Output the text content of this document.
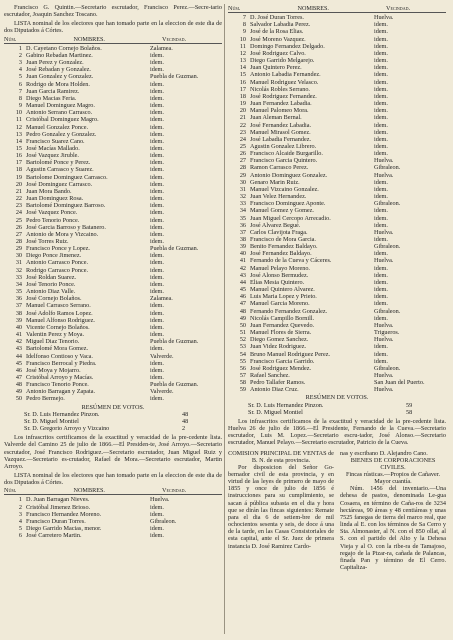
Francisco G. Quintin.—Secretario escrutador, Francisco Perez.—Secre-tario escrutador, Joaquin Sanchez Toscano.

LISTA nominal de los electores que han tomado parte en la eleccion de este dia de dos Diputados á Córtes.

Núm.	NOMBRES.	Vecindad.
1 D. Cayetano Cornejo Bolaños.	Zalamea.
2 Gabino Rebadan Martinez.	idem.
3 Juan Perez y Gonzalez.	idem.
4 José Rebadan y Gonzalez.	idem.
5 Juan Gonzalez y Gonzalez.	Puebla de Guzman.
6 Rodrigo de Mora Holden.	idem.
7 Juan Garcia Ramirez.	idem.
8 Diego Macias Feria.	idem.
9 Manuel Dominguez Magro.	idem.
10 Antonio Serrano Carrasco.	idem.
11 Cristóbal Dominguez Magro.	idem.
12 Manuel Gonzalez Ponce.	idem.
13 Pedro Gonzalez y Gonzalez.	idem.
14 Francisco Suarez Cano.	idem.
15 José Macías Mallado.	idem.
16 José Vazquez Jiruble.	idem.
17 Bartolomé Ponce y Perez.	idem.
18 Agustin Carrasco y Suarez.	idem.
19 Bartolome Dominguez Carrasco.	idem.
20 José Dominguez Carrasco.	idem.
21 Juan Mora Bando.	idem.
22 Juan Dominguez Rosa.	idem.
23 Bartolomé Dominguez Barroso.	idem.
24 José Vazquez Ponce.	idem.
25 Pedro Tenorio Ponce.	idem.
26 José Garcia Barroso y Batanero.	idem.
27 Antonio de Mora y Vizcaino.	idem.
28 José Torres Ruiz.	idem.
29 Francisco Ponce y Lopez.	Puebla de Guzman.
30 Diego Ponce Jimenez.	idem.
31 Antonio Carrasco Ponce.	idem.
32 Rodrigo Carrasco Ponce.	idem.
33 José Roldan Suarez.	idem.
34 José Tenorio Ponce.	idem.
35 Antonio Diaz Valle.	idem.
36 José Cornejo Bolaños.	Zalamea.
37 Manuel Carrasco Serrano.	idem.
38 José Adolfo Ramos Lopez.	idem.
39 Manuel Alfonso Rodriguez.	idem.
40 Vicente Cornejo Bolaños.	idem.
41 Valentin Perez y Moya.	idem.
42 Miguel Diaz Tenorio.	Puebla de Guzman.
43 Bartolomé Mora Gomez.	idem.
44 Idelfonso Contioso y Vaca.	Valverde.
45 Francisco Berrocal y Piedra.	idem.
46 José Moya y Mojarro.	idem.
47 Cristóbal Arroyo y Macías.	idem.
48 Francisco Tenorio Ponce.	Puebla de Guzman.
49 Antonio Barragan y Zapata.	Valverde.
50 Pedro Bermejo.	idem.

RESÚMEN DE VOTOS.

Sr. D. Luis Hernandez Pinzon.	48
Sr. D. Miguel Montiel	48
Sr. D. Gregorio Arroyo y Vizcaino	2

Los infrascritos certificamos de la exactitud y veracidad de la pre-cedente lista. Valverde del Camino 25 de julio de 1866.—El Presiden-te, José Arroyo.—Secretario escrutador, José Francisco Rodriguez.—Secretario escrutador, Juan Miguel Ruiz y Vazquez.—Secretario es-crutador, Rafael de Mora.—Secretario escrutador, Martin Arroyo.

LISTA nominal de los electores que han tomado parte en la eleccion de este dia de dos Diputados á Córtes.

Núm.	NOMBRES.	Vecindad.
1 D. Juan Barragan Nieves.	Huelva.
2 Cristóbal Jimenez Brioso.	idem.
3 Francisco Hernandez Moreno.	idem.
4 Francisco Duran Torres.	Gibraleon.
5 Diego Garrido Macias, menor.	idem.
6 José Carretero Martin.	idem.
Núm.	NOMBRES.	Vecindad.
7 D. José Duran Torres.	Huelva.
8 Salvador Labadia Perez.	idem.
9 José de la Rosa Elias.	idem.
10 José Moreno Vazquez.	idem.
11 Domingo Fernandez Delgado.	idem.
12 José Rodriguez Calvo.	idem.
13 Diego Garrido Melgarejo.	idem.
14 Juan Quintero Perez.	idem.
15 Antonio Labadia Fernandez.	idem.
16 Manuel Rodriguez Velasco.	idem.
17 Nicolás Robles Serrano.	idem.
18 José Rodriguez Fernandez.	idem.
19 Juan Fernandez Labadia.	idem.
20 Manuel Palomeo Mora.	idem.
21 Juan Aleman Bernal.	idem.
22 José Fernandez Labadia.	idem.
23 Manuel Mirasol Gomez.	idem.
24 José Labadia Fernandez.	idem.
25 Agustin Gonzalez Librero.	idem.
26 Francisco Alcaide Burgarillo.	idem.
27 Francisco Garcia Quintero.	Huelva.
28 Ramon Carrasco Perez.	Gibraleon.
29 Antonio Dominguez Gonzalez.	Huelva.
30 Genaro Marin Ruiz.	idem.
31 Manuel Vizcaino Gonzalez.	idem.
32 Juan Velez Hernandez.	idem.
33 Francisco Dominguez Aponte.	Gibraleon.
34 Manuel Gomez y Gomez.	idem.
35 Juan Miguel Cercopo Arrecadio.	idem.
36 José Alvarez Begué.	idem.
37 Carlos Clavijota Fraga.	Huelva.
38 Francisco de Mora Garcia.	idem.
39 Benito Fernandez Baldayo.	Gibraleon.
40 José Fernandez Baldayo.	idem.
41 Fernando de la Cueva y Cáceres.	Huelva.
42 Manuel Pelayo Moreno.	idem.
43 José Alonso Bermudez.	idem.
44 Elias Mesia Quintero.	idem.
45 Manuel Quintero Alvarez.	idem.
46 Luis Maria Lopez y Prieto.	idem.
47 Manuel Garcia Moreno.	idem.
48 Fernando Fernandez Gonzalez.	Gibraleon.
49 Nicolás Campillo Bornill.	idem.
50 Juan Fernandez Quevedo.	Huelva.
51 Manuel Flores de Sierra.	Trigueros.
52 Diego Gomez Sanchez.	Huelva.
53 Juan Videz Rodriguez.	idem.
54 Bruno Manuel Rodriguez Perez.	idem.
55 Francisco Garcia Garrido.	idem.
56 José Rodriguez Mendez.	Gibraleon.
57 Rafael Sanchez.	Huelva.
58 Pedro Tallafer Ramos.	San Juan del Puerto.
59 Antonio Diaz Cruz.	Huelva.

RESÚMEN DE VOTOS.

Sr. D. Luis Hernandez Pinzon.	59
Sr. D. Miguel Montiel	58

Los infrascritos certificamos de la exactitud y veracidad de la pre-cedente lista. Huelva 26 de julio de 1866.—El Presidente, Fernando de la Cueva.—Secretario escrutador, Luis M. Lopez.—Secretario escru-tador, José Alonso.—Secretario escrutador, Manuel Pelayo.—Secretario escrutador, Patricio de la Cueva.

COMISION PRINCIPAL DE VENTAS de B. N. de esta provincia.

Por disposicion del Señor Go-bernador civil de esta provincia, y en virtud de las leyes de primero de mayo de 1855 y once de julio de 1856 é instrucciones para su cumplimiento, se sacan á pública subasta en el dia y hora que se dirán las fincas siguientes: Remate para el dia 6 de setiem-bre de mil ochocientos sesenta y seis, de doce á una de la tarde, en las Casas Consistoriales de esta capital, ante el Sr. Juez de primera instancia D. José Ramirez Cardo-

nas y escribano D. Alejandro Cano.

BIENES DE CORPORACIONES CIVILES.

Fincas rústicas.—Propios de Cañaver. Mayor cuantía.

Núm. 1456 del inventario.—Una dehesa de pastos, denominada Le-gua Cosaera, en término de Caña-ros de 3234 hectáreas, 90 áreas y 48 centiáreas y unas 7525 fanegas de tierra del marco real, que linda al E. con los términos de Sa Cerro y Sta. Almonaster, al N. con el 850 ollat, al S. con el partido del Alto y la Dehesa Vieja y al O. con la ribe-ra de Tamajoso, regajo de la Pizar-ra, cañada de Palancas, finada Pan y término de El Cerro. Capitaliza-
